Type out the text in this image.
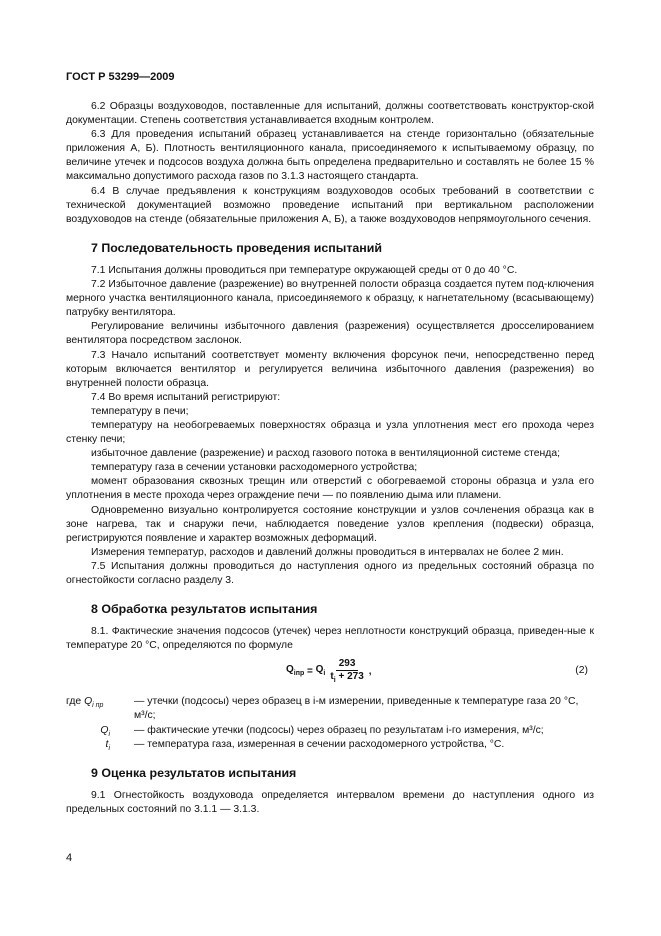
ГОСТ Р 53299—2009

6.2 Образцы воздуховодов, поставленные для испытаний, должны соответствовать конструктор-ской документации. Степень соответствия устанавливается входным контролем.

6.3 Для проведения испытаний образец устанавливается на стенде горизонтально (обязательные приложения А, Б). Плотность вентиляционного канала, присоединяемого к испытываемому образцу, по величине утечек и подсосов воздуха должна быть определена предварительно и составлять не более 15 % максимально допустимого расхода газов по 3.1.3 настоящего стандарта.

6.4 В случае предъявления к конструкциям воздуховодов особых требований в соответствии с технической документацией возможно проведение испытаний при вертикальном расположении воздуховодов на стенде (обязательные приложения А, Б), а также воздуховодов непрямоугольного сечения.

7 Последовательность проведения испытаний

7.1 Испытания должны проводиться при температуре окружающей среды от 0 до 40 °С.

7.2 Избыточное давление (разрежение) во внутренней полости образца создается путем под-ключения мерного участка вентиляционного канала, присоединяемого к образцу, к нагнетательному (всасывающему) патрубку вентилятора.

Регулирование величины избыточного давления (разрежения) осуществляется дросселированием вентилятора посредством заслонок.

7.3 Начало испытаний соответствует моменту включения форсунок печи, непосредственно перед которым включается вентилятор и регулируется величина избыточного давления (разрежения) во внутренней полости образца.

7.4 Во время испытаний регистрируют:

температуру в печи;

температуру на необогреваемых поверхностях образца и узла уплотнения мест его прохода через стенку печи;

избыточное давление (разрежение) и расход газового потока в вентиляционной системе стенда;

температуру газа в сечении установки расходомерного устройства;

момент образования сквозных трещин или отверстий с обогреваемой стороны образца и узла его уплотнения в месте прохода через ограждение печи — по появлению дыма или пламени.

Одновременно визуально контролируется состояние конструкции и узлов сочленения образца как в зоне нагрева, так и снаружи печи, наблюдается поведение узлов крепления (подвески) образца, регистрируются появление и характер возможных деформаций.

Измерения температур, расходов и давлений должны проводиться в интервалах не более 2 мин.

7.5 Испытания должны проводиться до наступления одного из предельных состояний образца по огнестойкости согласно разделу 3.

8 Обработка результатов испытания

8.1. Фактические значения подсосов (утечек) через неплотности конструкций образца, приведен-ные к температуре 20 °С, определяются по формуле

$Q_{iпр} = Q_i \frac{293}{t_i + 273}$ ,	(2)
где $Q_{i пр}$	— утечки (подсосы) через образец в i-м измерении, приведенные к температуре газа 20 °С, м³/с;
$Q_i$ — фактические утечки (подсосы) через образец по результатам i-го измерения, м³/с;
$t_i$ — температура газа, измеренная в сечении расходомерного устройства, °С.
9 Оценка результатов испытания

9.1 Огнестойкость воздуховода определяется интервалом времени до наступления одного из предельных состояний по 3.1.1 — 3.1.3.

4
